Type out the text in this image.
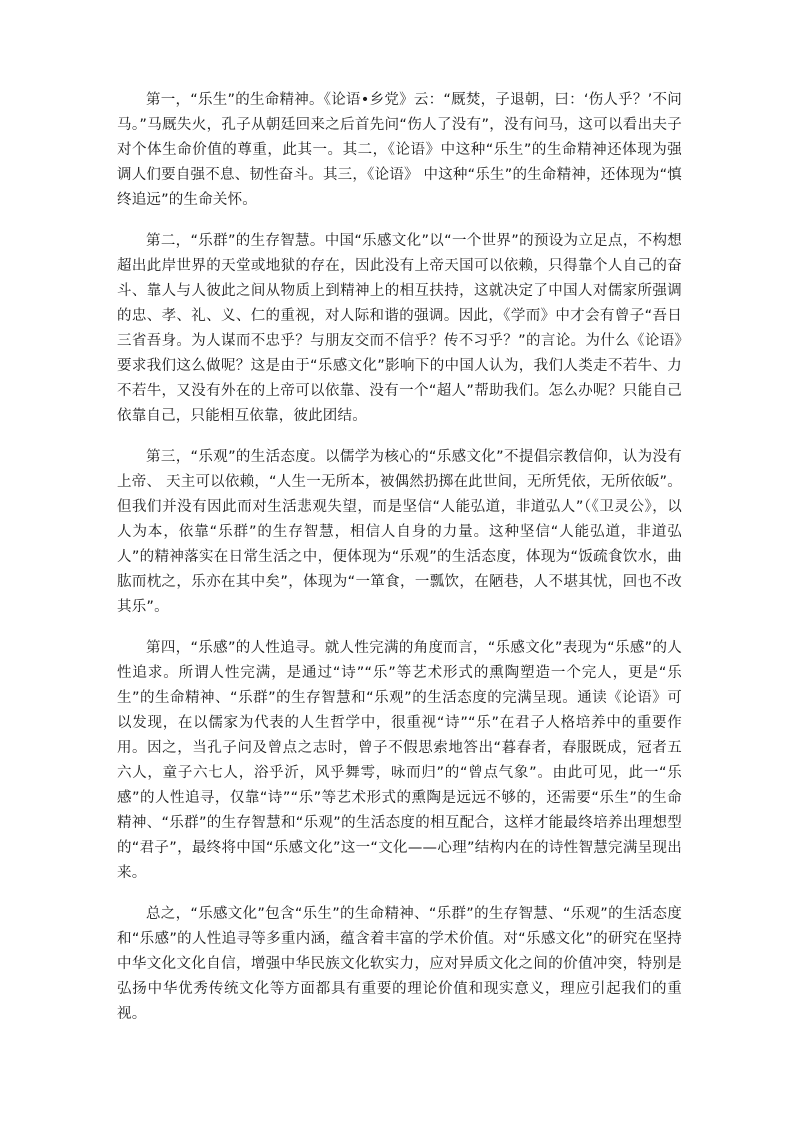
第一，“乐生”的生命精神。《论语•乡党》云：“厩焚，子退朝，曰：‘伤人乎？’不问马。”马厩失火，孔子从朝廷回来之后首先问“伤人了没有”，没有问马，这可以看出夫子对个体生命价值的尊重，此其一。其二，《论语》中这种“乐生”的生命精神还体现为强调人们要自强不息、韧性奋斗。其三，《论语》 中这种“乐生”的生命精神，还体现为“慎终追远”的生命关怀。

第二，“乐群”的生存智慧。中国“乐感文化”以“一个世界”的预设为立足点，不构想超出此岸世界的天堂或地狱的存在，因此没有上帝天国可以依赖，只得靠个人自己的奋斗、靠人与人彼此之间从物质上到精神上的相互扶持，这就决定了中国人对儒家所强调的忠、孝、礼、义、仁的重视，对人际和谐的强调。因此，《学而》中才会有曾子“吾日三省吾身。为人谋而不忠乎？与朋友交而不信乎？传不习乎？”的言论。为什么《论语》要求我们这么做呢？这是由于“乐感文化”影响下的中国人认为，我们人类走不若牛、力不若牛，又没有外在的上帝可以依靠、没有一个“超人”帮助我们。怎么办呢？只能自己依靠自己，只能相互依靠，彼此团结。

第三，“乐观”的生活态度。以儒学为核心的“乐感文化”不提倡宗教信仰，认为没有上帝、 天主可以依赖，“人生一无所本，被偶然扔掷在此世间，无所凭依，无所依皈”。但我们并没有因此而对生活悲观失望，而是坚信“人能弘道，非道弘人”（《卫灵公》，以人为本，依靠“乐群”的生存智慧，相信人自身的力量。这种坚信“人能弘道，非道弘人”的精神落实在日常生活之中，便体现为“乐观”的生活态度，体现为“饭疏食饮水，曲肱而枕之，乐亦在其中矣”，体现为“一箪食，一瓢饮，在陋巷，人不堪其忧，回也不改其乐”。

第四，“乐感”的人性追寻。就人性完满的角度而言，“乐感文化”表现为“乐感”的人性追求。所谓人性完满，是通过“诗”“乐”等艺术形式的熏陶塑造一个完人，更是“乐生”的生命精神、“乐群”的生存智慧和“乐观”的生活态度的完满呈现。通读《论语》可以发现，在以儒家为代表的人生哲学中，很重视“诗”“乐”在君子人格培养中的重要作用。因之，当孔子问及曾点之志时，曾子不假思索地答出“暮春者，春服既成，冠者五六人，童子六七人，浴乎沂，风乎舞雩，咏而归”的“曾点气象”。由此可见，此一“乐感”的人性追寻，仅靠“诗”“乐”等艺术形式的熏陶是远远不够的，还需要“乐生”的生命精神、“乐群”的生存智慧和“乐观”的生活态度的相互配合，这样才能最终培养出理想型的“君子”，最终将中国“乐感文化”这一“文化——心理”结构内在的诗性智慧完满呈现出来。

总之，“乐感文化”包含“乐生”的生命精神、“乐群”的生存智慧、“乐观”的生活态度和“乐感”的人性追寻等多重内涵，蕴含着丰富的学术价值。对“乐感文化”的研究在坚持中华文化文化自信，增强中华民族文化软实力，应对异质文化之间的价值冲突，特别是弘扬中华优秀传统文化等方面都具有重要的理论价值和现实意义，理应引起我们的重视。
